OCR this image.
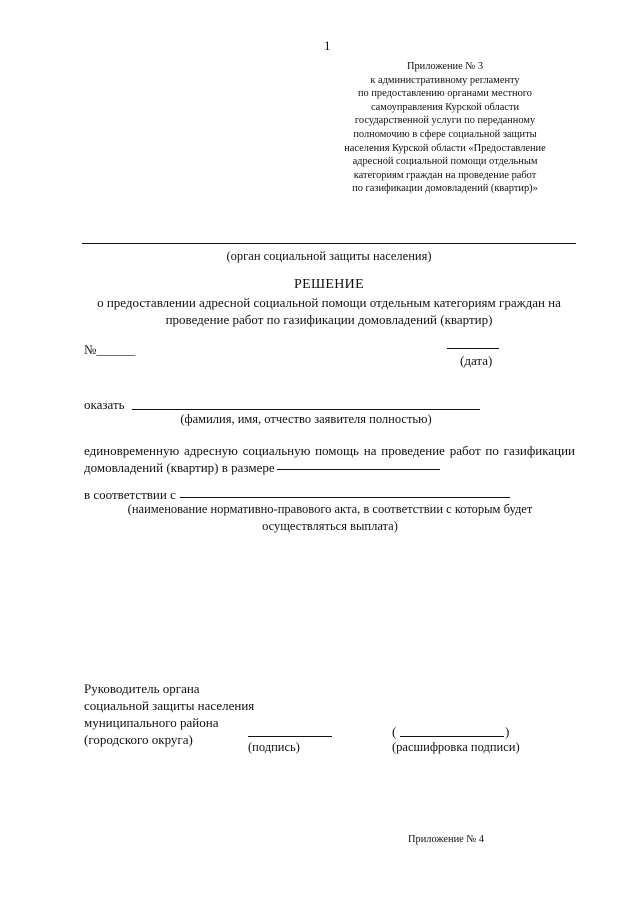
1
Приложение № 3
к административному регламенту
по предоставлению органами местного
самоуправления Курской области
государственной услуги по переданному
полномочию в сфере социальной защиты
населения Курской области «Предоставление
адресной социальной помощи отдельным
категориям граждан на проведение работ
по газификации домовладений (квартир)»
(орган социальной защиты населения)
РЕШЕНИЕ
о предоставлении адресной социальной помощи отдельным категориям граждан на проведение работ по газификации домовладений (квартир)
№______
(дата)
оказать
(фамилия, имя, отчество заявителя полностью)
единовременную адресную социальную помощь на проведение работ по газификации домовладений (квартир) в размере
в соответствии с
(наименование нормативно-правового акта, в соответствии с которым будет осуществляться выплата)
Руководитель органа
социальной защиты населения
муниципального района
(городского округа)	(подпись)
(	)
(расшифровка подписи)
Приложение № 4
